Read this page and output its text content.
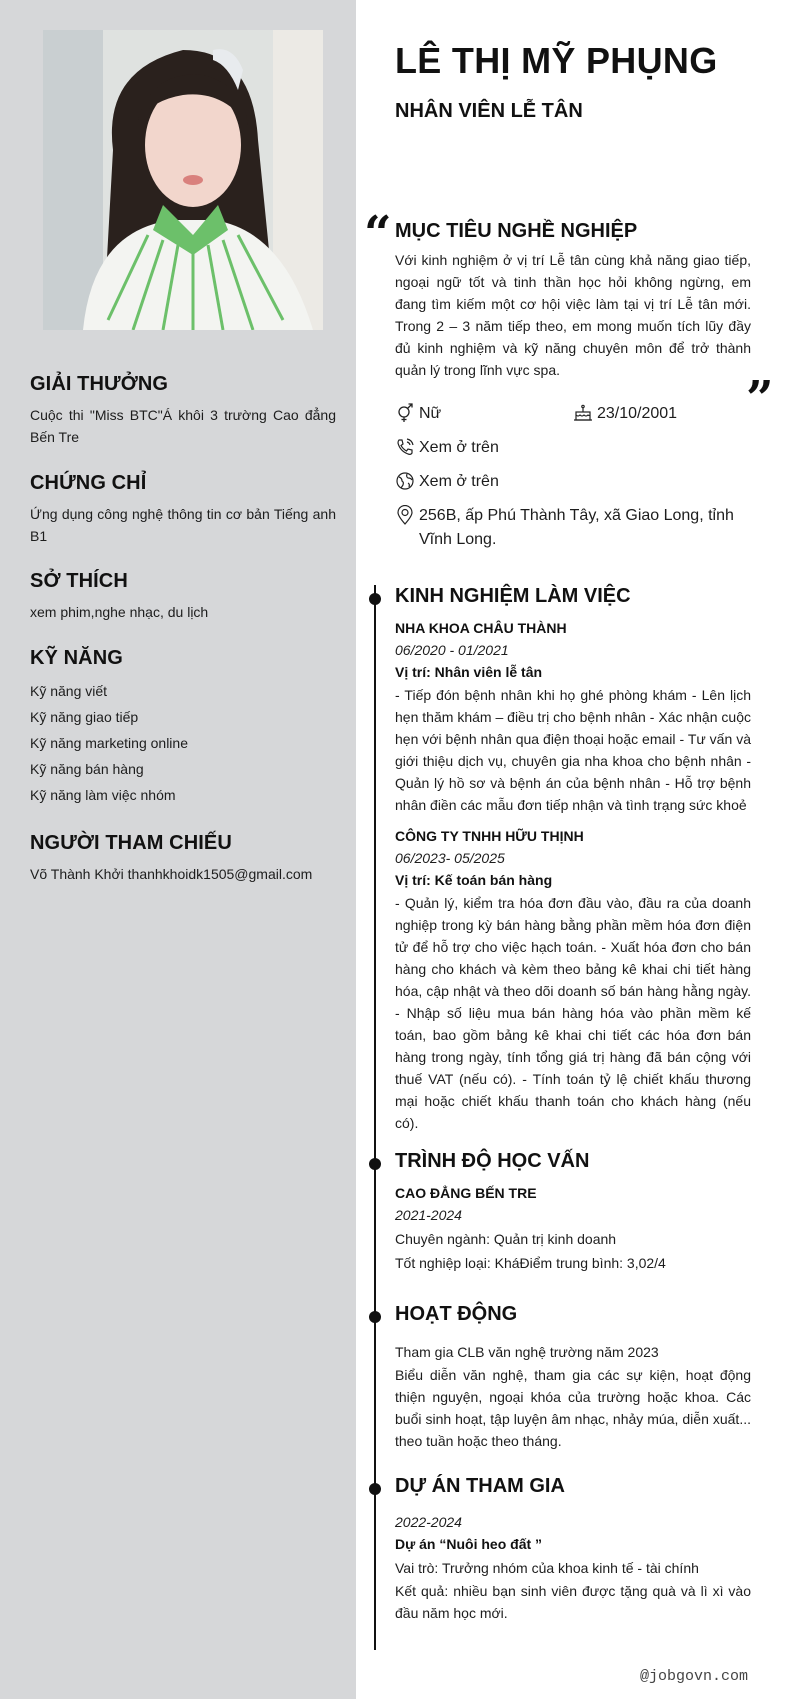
GIẢI THƯỞNG
Cuộc thi "Miss BTC"Á khôi 3 trường Cao đẳng Bến Tre
CHỨNG CHỈ
Ứng dụng công nghệ thông tin cơ bản Tiếng anh B1
SỞ THÍCH
xem phim,nghe nhạc, du lịch
KỸ NĂNG
Kỹ năng viết
Kỹ năng giao tiếp
Kỹ năng marketing online
Kỹ năng bán hàng
Kỹ năng làm việc nhóm
NGƯỜI THAM CHIẾU
Võ Thành Khởi thanhkhoidk1505@gmail.com
LÊ THỊ MỸ PHỤNG
NHÂN VIÊN LỄ TÂN
“ MỤC TIÊU NGHỀ NGHIỆP
Với kinh nghiệm ở vị trí Lễ tân cùng khả năng giao tiếp, ngoại ngữ tốt và tinh thần học hỏi không ngừng, em đang tìm kiếm một cơ hội việc làm tại vị trí Lễ tân mới. Trong 2 – 3 năm tiếp theo, em mong muốn tích lũy đầy đủ kinh nghiệm và kỹ năng chuyên môn để trở thành quản lý trong lĩnh vực spa.
”
Nữ	23/10/2001
Xem ở trên
Xem ở trên
256B, ấp Phú Thành Tây, xã Giao Long, tỉnh Vĩnh Long.
KINH NGHIỆM LÀM VIỆC
NHA KHOA CHÂU THÀNH
06/2020 - 01/2021
Vị trí: Nhân viên lễ tân
- Tiếp đón bệnh nhân khi họ ghé phòng khám - Lên lịch hẹn thăm khám – điều trị cho bệnh nhân - Xác nhận cuộc hẹn với bệnh nhân qua điện thoại hoặc email - Tư vấn và giới thiệu dịch vụ, chuyên gia nha khoa cho bệnh nhân - Quản lý hồ sơ và bệnh án của bệnh nhân - Hỗ trợ bệnh nhân điền các mẫu đơn tiếp nhận và tình trạng sức khoẻ
CÔNG TY TNHH HỮU THỊNH
06/2023- 05/2025
Vị trí: Kế toán bán hàng
- Quản lý, kiểm tra hóa đơn đầu vào, đầu ra của doanh nghiệp trong kỳ bán hàng bằng phần mềm hóa đơn điện tử để hỗ trợ cho việc hạch toán. - Xuất hóa đơn cho bán hàng cho khách và kèm theo bảng kê khai chi tiết hàng hóa, cập nhật và theo dõi doanh số bán hàng hằng ngày. - Nhập số liệu mua bán hàng hóa vào phần mềm kế toán, bao gồm bảng kê khai chi tiết các hóa đơn bán hàng trong ngày, tính tổng giá trị hàng đã bán cộng với thuế VAT (nếu có). - Tính toán tỷ lệ chiết khấu thương mại hoặc chiết khấu thanh toán cho khách hàng (nếu có).
TRÌNH ĐỘ HỌC VẤN
CAO ĐẲNG BẾN TRE
2021-2024
Chuyên ngành: Quản trị kinh doanh
Tốt nghiệp loại: KháĐiểm trung bình: 3,02/4
HOẠT ĐỘNG
Tham gia CLB văn nghệ trường năm 2023
Biểu diễn văn nghệ, tham gia các sự kiện, hoạt động thiện nguyện, ngoại khóa của trường hoặc khoa. Các buổi sinh hoạt, tập luyện âm nhạc, nhảy múa, diễn xuất... theo tuần hoặc theo tháng.
DỰ ÁN THAM GIA
2022-2024
Dự án “Nuôi heo đất ”
Vai trò: Trưởng nhóm của khoa kinh tế - tài chính
Kết quả: nhiều bạn sinh viên được tặng quà và lì xì vào đầu năm học mới.
@jobgovn.com
